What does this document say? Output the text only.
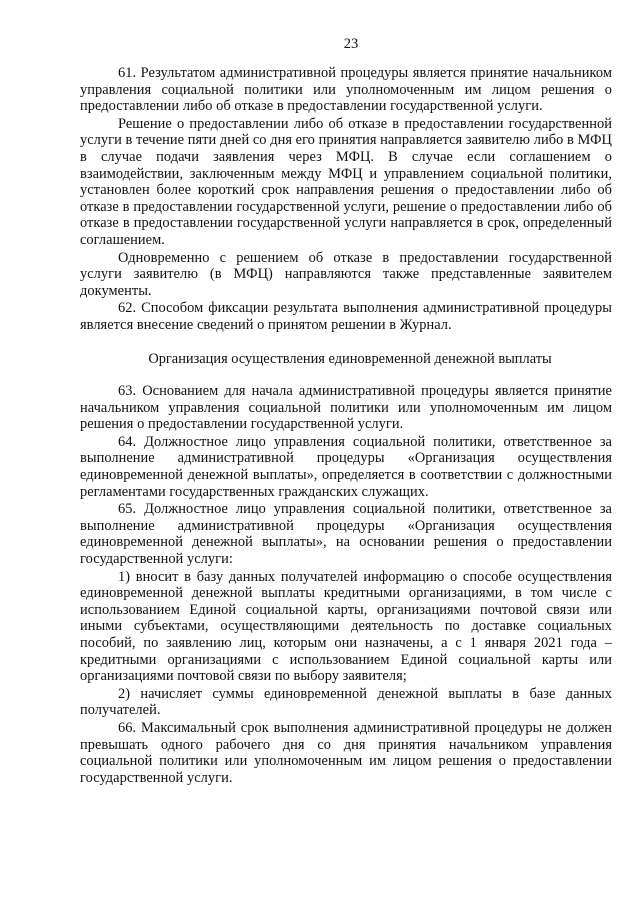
23

61. Результатом административной процедуры является принятие начальником управления социальной политики или уполномоченным им лицом решения о предоставлении либо об отказе в предоставлении государственной услуги.

Решение о предоставлении либо об отказе в предоставлении государственной услуги в течение пяти дней со дня его принятия направляется заявителю либо в МФЦ в случае подачи заявления через МФЦ. В случае если соглашением о взаимодействии, заключенным между МФЦ и управлением социальной политики, установлен более короткий срок направления решения о предоставлении либо об отказе в предоставлении государственной услуги, решение о предоставлении либо об отказе в предоставлении государственной услуги направляется в срок, определенный соглашением.

Одновременно с решением об отказе в предоставлении государственной услуги заявителю (в МФЦ) направляются также представленные заявителем документы.

62. Способом фиксации результата выполнения административной процедуры является внесение сведений о принятом решении в Журнал.

Организация осуществления единовременной денежной выплаты

63. Основанием для начала административной процедуры является принятие начальником управления социальной политики или уполномоченным им лицом решения о предоставлении государственной услуги.

64. Должностное лицо управления социальной политики, ответственное за выполнение административной процедуры «Организация осуществления единовременной денежной выплаты», определяется в соответствии с должностными регламентами государственных гражданских служащих.

65. Должностное лицо управления социальной политики, ответственное за выполнение административной процедуры «Организация осуществления единовременной денежной выплаты», на основании решения о предоставлении государственной услуги:

1) вносит в базу данных получателей информацию о способе осуществления единовременной денежной выплаты кредитными организациями, в том числе с использованием Единой социальной карты, организациями почтовой связи или иными субъектами, осуществляющими деятельность по доставке социальных пособий, по заявлению лиц, которым они назначены, а с 1 января 2021 года – кредитными организациями с использованием Единой социальной карты или организациями почтовой связи по выбору заявителя;

2) начисляет суммы единовременной денежной выплаты в базе данных получателей.

66. Максимальный срок выполнения административной процедуры не должен превышать одного рабочего дня со дня принятия начальником управления социальной политики или уполномоченным им лицом решения о предоставлении государственной услуги.
